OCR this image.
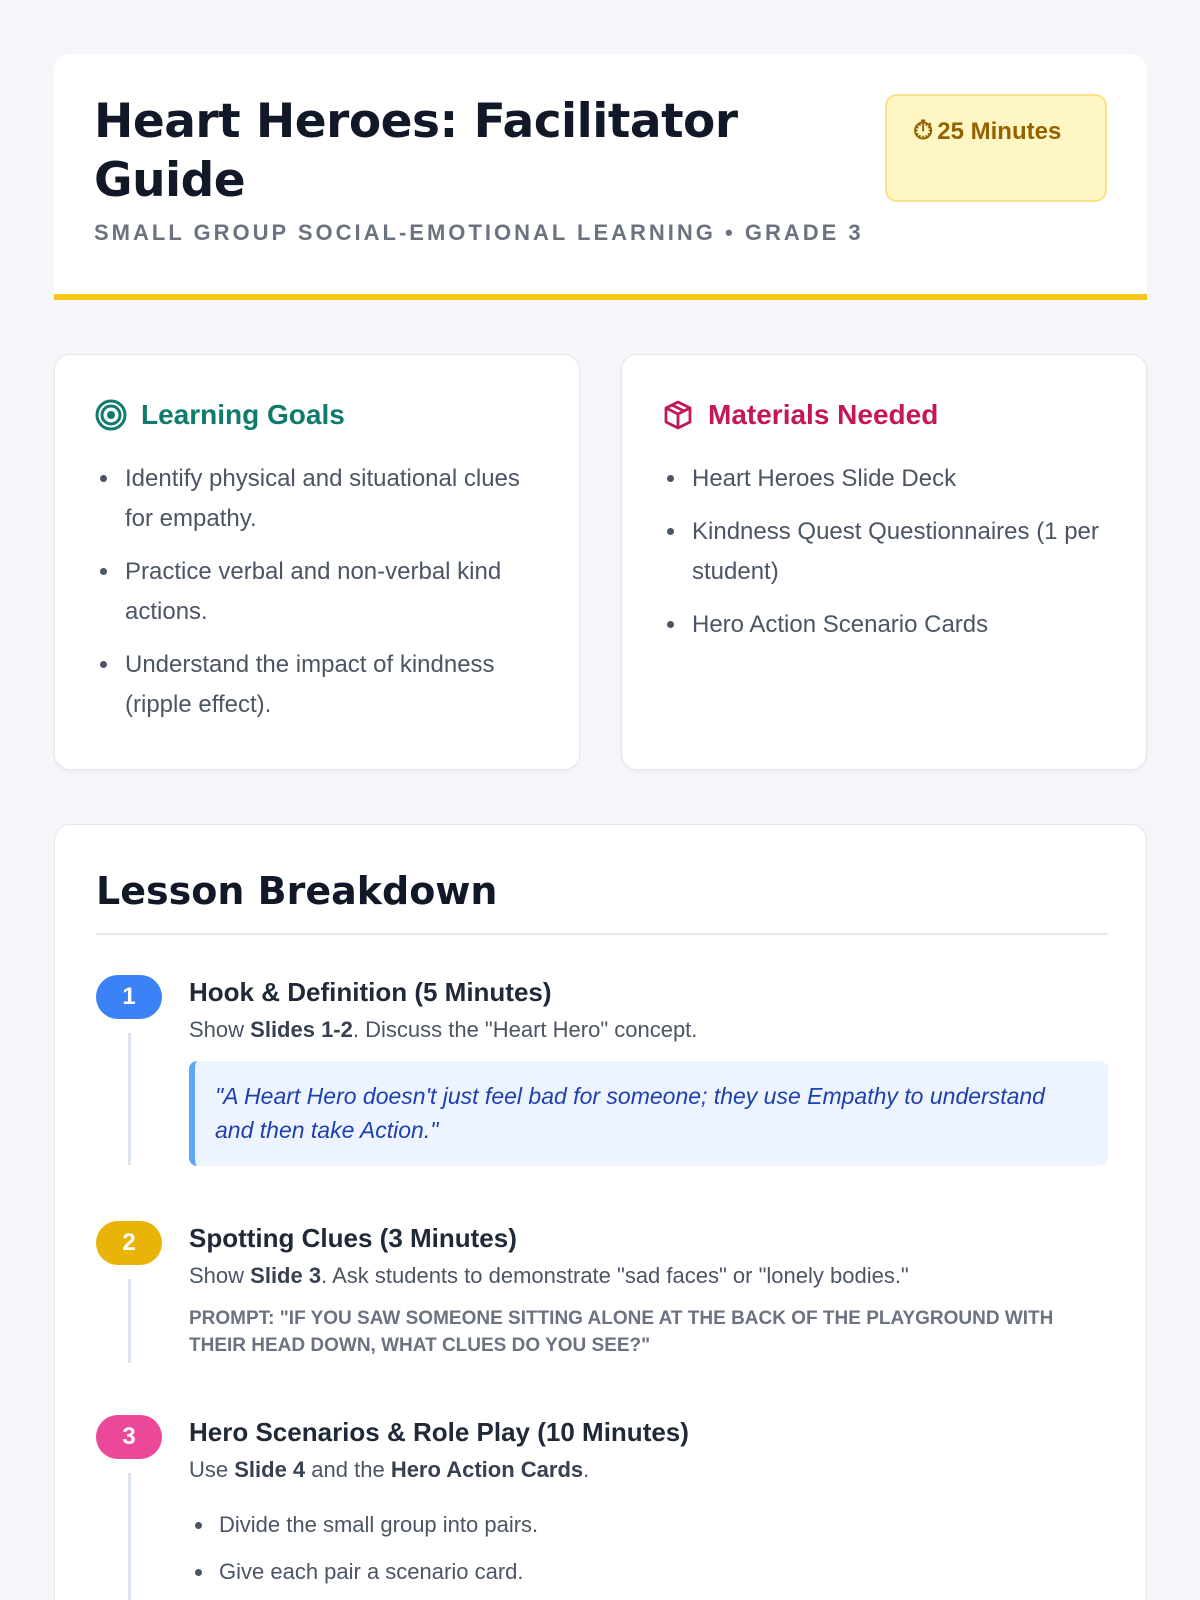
Heart Heroes: Facilitator Guide
SMALL GROUP SOCIAL-EMOTIONAL LEARNING • GRADE 3
⏱ 25 Minutes
Learning Goals
• Identify physical and situational clues for empathy.
• Practice verbal and non-verbal kind actions.
• Understand the impact of kindness (ripple effect).
Materials Needed
• Heart Heroes Slide Deck
• Kindness Quest Questionnaires (1 per student)
• Hero Action Scenario Cards
Lesson Breakdown
1	Hook & Definition (5 Minutes)
Show Slides 1-2. Discuss the "Heart Hero" concept.
"A Heart Hero doesn't just feel bad for someone; they use Empathy to understand and then take Action."
2	Spotting Clues (3 Minutes)
Show Slide 3. Ask students to demonstrate "sad faces" or "lonely bodies."
PROMPT: "IF YOU SAW SOMEONE SITTING ALONE AT THE BACK OF THE PLAYGROUND WITH THEIR HEAD DOWN, WHAT CLUES DO YOU SEE?"
3	Hero Scenarios & Role Play (10 Minutes)
Use Slide 4 and the Hero Action Cards.
• Divide the small group into pairs.
• Give each pair a scenario card.
